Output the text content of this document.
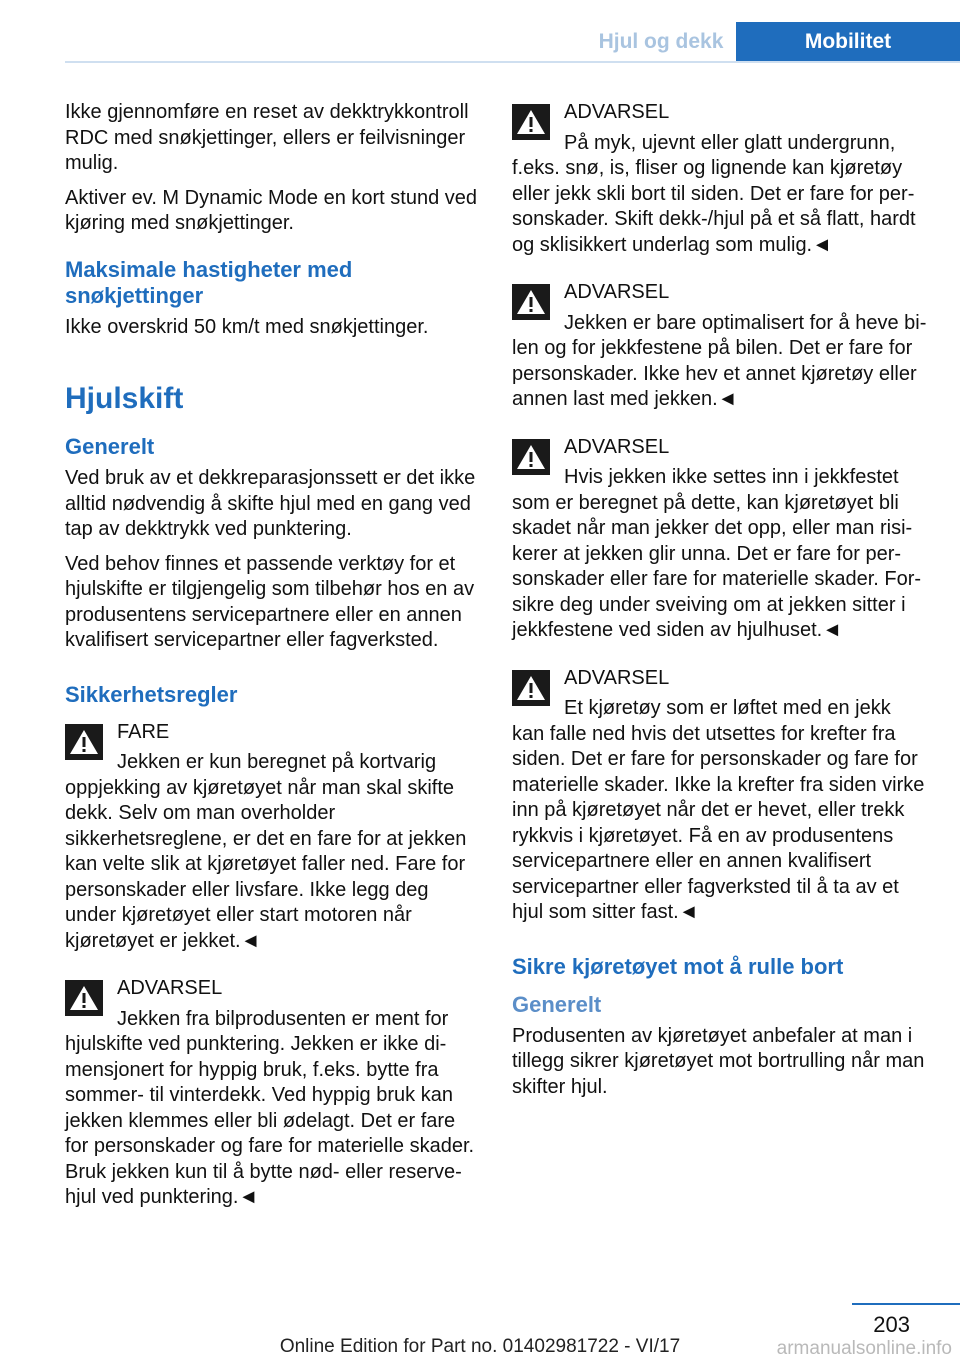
Hjul og dekk	Mobilitet

Ikke gjennomføre en reset av dekktrykkontroll RDC med snøkjettinger, ellers er feilvisninger mulig.

Aktiver ev. M Dynamic Mode en kort stund ved kjøring med snøkjettinger.

Maksimale hastigheter med snøkjettinger

Ikke overskrid 50 km/t med snøkjettinger.

Hjulskift
Generelt

Ved bruk av et dekkreparasjonssett er det ikke alltid nødvendig å skifte hjul med en gang ved tap av dekktrykk ved punktering.

Ved behov finnes et passende verktøy for et hjulskifte er tilgjengelig som tilbehør hos en av produsentens servicepartnere eller en annen kvalifisert servicepartner eller fagverksted.

Sikkerhetsregler
FARE
Jekken er kun beregnet på kortvarig oppjekking av kjøretøyet når man skal skifte dekk. Selv om man overholder sikkerhetsreglene, er det en fare for at jekken kan velte slik at kjøretøyet faller ned. Fare for personskader eller livsfare. Ikke legg deg under kjøretøyet eller start motoren når kjøretøyet er jekket.◄
ADVARSEL
Jekken fra bilprodusenten er ment for hjulskifte ved punktering. Jekken er ikke dimensjonert for hyppig bruk, f.eks. bytte fra sommer- til vinterdekk. Ved hyppig bruk kan jekken klemmes eller bli ødelagt. Det er fare for personskader og fare for materielle skader. Bruk jekken kun til å bytte nød- eller reservehjul ved punktering.◄
ADVARSEL
På myk, ujevnt eller glatt undergrunn, f.eks. snø, is, fliser og lignende kan kjøretøy eller jekk skli bort til siden. Det er fare for personskader. Skift dekk-/hjul på et så flatt, hardt og sklisikkert underlag som mulig.◄
ADVARSEL
Jekken er bare optimalisert for å heve bilen og for jekkfestene på bilen. Det er fare for personskader. Ikke hev et annet kjøretøy eller annen last med jekken.◄
ADVARSEL
Hvis jekken ikke settes inn i jekkfestet som er beregnet på dette, kan kjøretøyet bli skadet når man jekker det opp, eller man risikerer at jekken glir unna. Det er fare for personskader eller fare for materielle skader. Forsikre deg under sveiving om at jekken sitter i jekkfestene ved siden av hjulhuset.◄
ADVARSEL
Et kjøretøy som er løftet med en jekk kan falle ned hvis det utsettes for krefter fra siden. Det er fare for personskader og fare for materielle skader. Ikke la krefter fra siden virke inn på kjøretøyet når det er hevet, eller trekk rykkvis i kjøretøyet. Få en av produsentens servicepartnere eller en annen kvalifisert servicepartner eller fagverksted til å ta av et hjul som sitter fast.◄
Sikre kjøretøyet mot å rulle bort
Generelt

Produsenten av kjøretøyet anbefaler at man i tillegg sikrer kjøretøyet mot bortrulling når man skifter hjul.

203
Online Edition for Part no. 01402981722 - VI/17	armanualsonline.info
